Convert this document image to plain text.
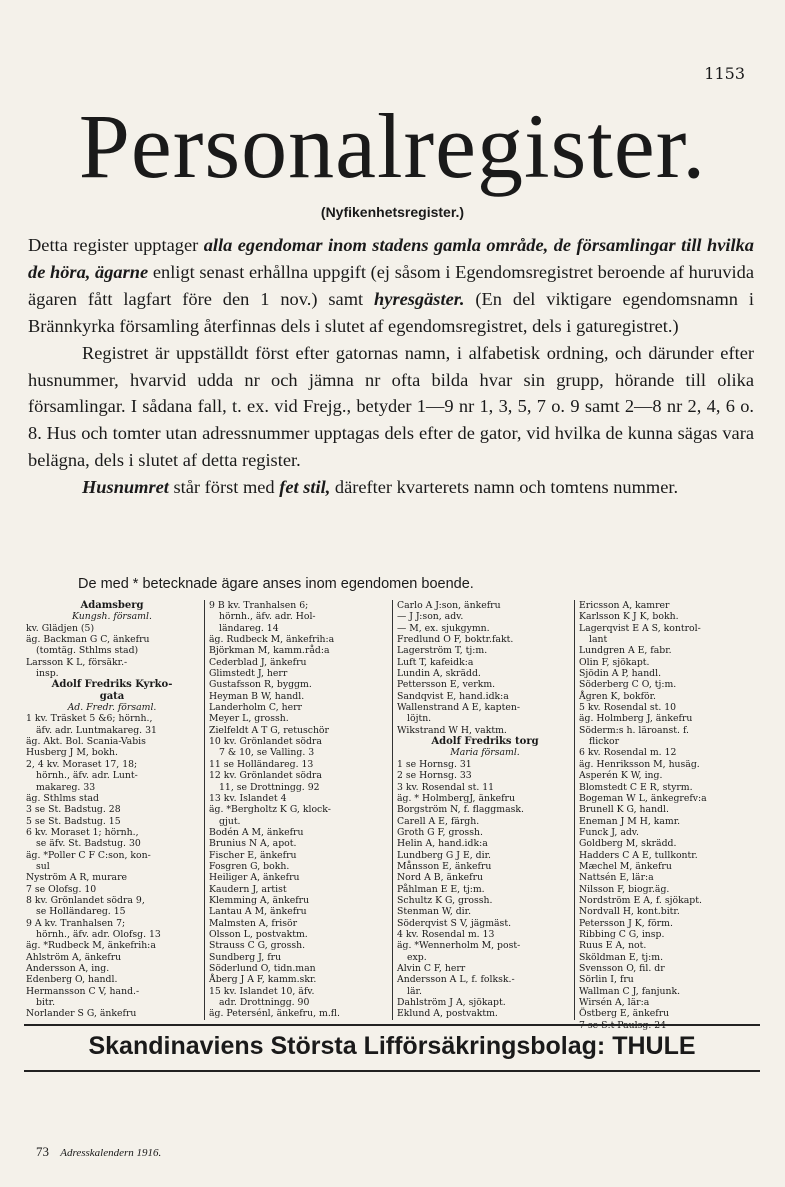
1153
Personalregister.
(Nyfikenhetsregister.)

Detta register upptager alla egendomar inom stadens gamla område, de församlingar till hvilka de höra, ägarne enligt senast erhållna uppgift (ej såsom i Egendomsregistret beroende af huruvida ägaren fått lagfart före den 1 nov.) samt hyresgäster. (En del viktigare egendomsnamn i Brännkyrka församling återfinnas dels i slutet af egendomsregistret, dels i gaturegistret.)

Registret är uppställdt först efter gatornas namn, i alfabetisk ordning, och därunder efter husnummer, hvarvid udda nr och jämna nr ofta bilda hvar sin grupp, hörande till olika församlingar. I sådana fall, t. ex. vid Frejg., betyder 1—9 nr 1, 3, 5, 7 o. 9 samt 2—8 nr 2, 4, 6 o. 8. Hus och tomter utan adressnummer upptagas dels efter de gator, vid hvilka de kunna sägas vara belägna, dels i slutet af detta register.

Husnumret står först med fet stil, därefter kvarterets namn och tomtens nummer.

De med * betecknade ägare anses inom egendomen boende.
Adamsberg
Kungsh. församl.
kv. Glädjen (5)
äg. Backman G C, änkefru
(tomtäg. Sthlms stad)
Larsson K L, försäkr.-
insp.
Adolf Fredriks Kyrko-
gata
Ad. Fredr. församl.
1 kv. Träsket 5 &6; hörnh.,
äfv. adr. Luntmakareg. 31
äg. Akt. Bol. Scania-Vabis
Husberg J M, bokh.
2, 4 kv. Moraset 17, 18;
hörnh., äfv. adr. Lunt-
makareg. 33
äg. Sthlms stad
3 se St. Badstug. 28
5 se St. Badstug. 15
6 kv. Moraset 1; hörnh.,
se äfv. St. Badstug. 30
äg. *Poller C F C:son, kon-
sul
Nyström A R, murare
7 se Olofsg. 10
8 kv. Grönlandet södra 9,
se Holländareg. 15
9 A kv. Tranhalsen 7;
hörnh., äfv. adr. Olofsg. 13
äg. *Rudbeck M, änkefrih:a
Ahlström A, änkefru
Andersson A, ing.
Edenberg O, handl.
Hermansson C V, hand.-
bitr.
Norlander S G, änkefru
9 B kv. Tranhalsen 6;
hörnh., äfv. adr. Hol-
ländareg. 14
äg. Rudbeck M, änkefrih:a
Björkman M, kamm.råd:a
Cederblad J, änkefru
Glimstedt J, herr
Gustafsson R, byggm.
Heyman B W, handl.
Landerholm C, herr
Meyer L, grossh.
Zielfeldt A T G, retuschör
10 kv. Grönlandet södra
7 & 10, se Valling. 3
11 se Holländareg. 13
12 kv. Grönlandet södra
11, se Drottningg. 92
13 kv. Islandet 4
äg. *Bergholtz K G, klock-
gjut.
Bodén A M, änkefru
Brunius N A, apot.
Fischer E, änkefru
Fosgren G, bokh.
Heiliger A, änkefru
Kaudern J, artist
Klemming A, änkefru
Lantau A M, änkefru
Malmsten A, frisör
Olsson L, postvaktm.
Strauss C G, grossh.
Sundberg J, fru
Söderlund O, tidn.man
Åberg J A F, kamm.skr.
15 kv. Islandet 10, äfv.
adr. Drottningg. 90
äg. Petersénl, änkefru, m.fl.
Carlo A J:son, änkefru
— J J:son, adv.
— M, ex. sjukgymn.
Fredlund O F, boktr.fakt.
Lagerström T, tj:m.
Luft T, kafeidk:a
Lundin A, skrädd.
Pettersson E, verkm.
Sandqvist E, hand.idk:a
Wallenstrand A E, kapten-
löjtn.
Wikstrand W H, vaktm.
Adolf Fredriks torg
Maria församl.
1 se Hornsg. 31
2 se Hornsg. 33
3 kv. Rosendal st. 11
äg. * HolmbergJ, änkefru
Borgström N, f. flaggmask.
Carell A E, färgh.
Groth G F, grossh.
Helin A, hand.idk:a
Lundberg G J E, dir.
Månsson E, änkefru
Nord A B, änkefru
Påhlman E E, tj:m.
Schultz K G, grossh.
Stenman W, dir.
Söderqvist S V, jägmäst.
4 kv. Rosendal m. 13
äg. *Wennerholm M, post-
exp.
Alvin C F, herr
Andersson A L, f. folksk.-
lär.
Dahlström J A, sjökapt.
Eklund A, postvaktm.
Ericsson A, kamrer
Karlsson K J K, bokh.
Lagerqvist E A S, kontrol-
lant
Lundgren A E, fabr.
Olin F, sjökapt.
Sjödin A P, handl.
Söderberg C O, tj:m.
Ågren K, bokför.
5 kv. Rosendal st. 10
äg. Holmberg J, änkefru
Söderm:s h. läroanst. f.
flickor
6 kv. Rosendal m. 12
äg. Henriksson M, husäg.
Asperén K W, ing.
Blomstedt C E R, styrm.
Bogeman W L, änkegrefv:a
Brunell K G, handl.
Eneman J M H, kamr.
Funck J, adv.
Goldberg M, skrädd.
Hadders C A E, tullkontr.
Mæchel M, änkefru
Nattsén E, lär:a
Nilsson F, biogr.äg.
Nordström E A, f. sjökapt.
Nordvall H, kont.bitr.
Petersson J K, förm.
Ribbing C G, insp.
Ruus E A, not.
Sköldman E, tj:m.
Svensson O, fil. dr
Sörlin I, fru
Wallman C J, fanjunk.
Wirsén A, lär:a
Östberg E, änkefru
7 se S:t Paulsg. 24
Skandinaviens Största Lifförsäkringsbolag: THULE
73 Adresskalendern 1916.
